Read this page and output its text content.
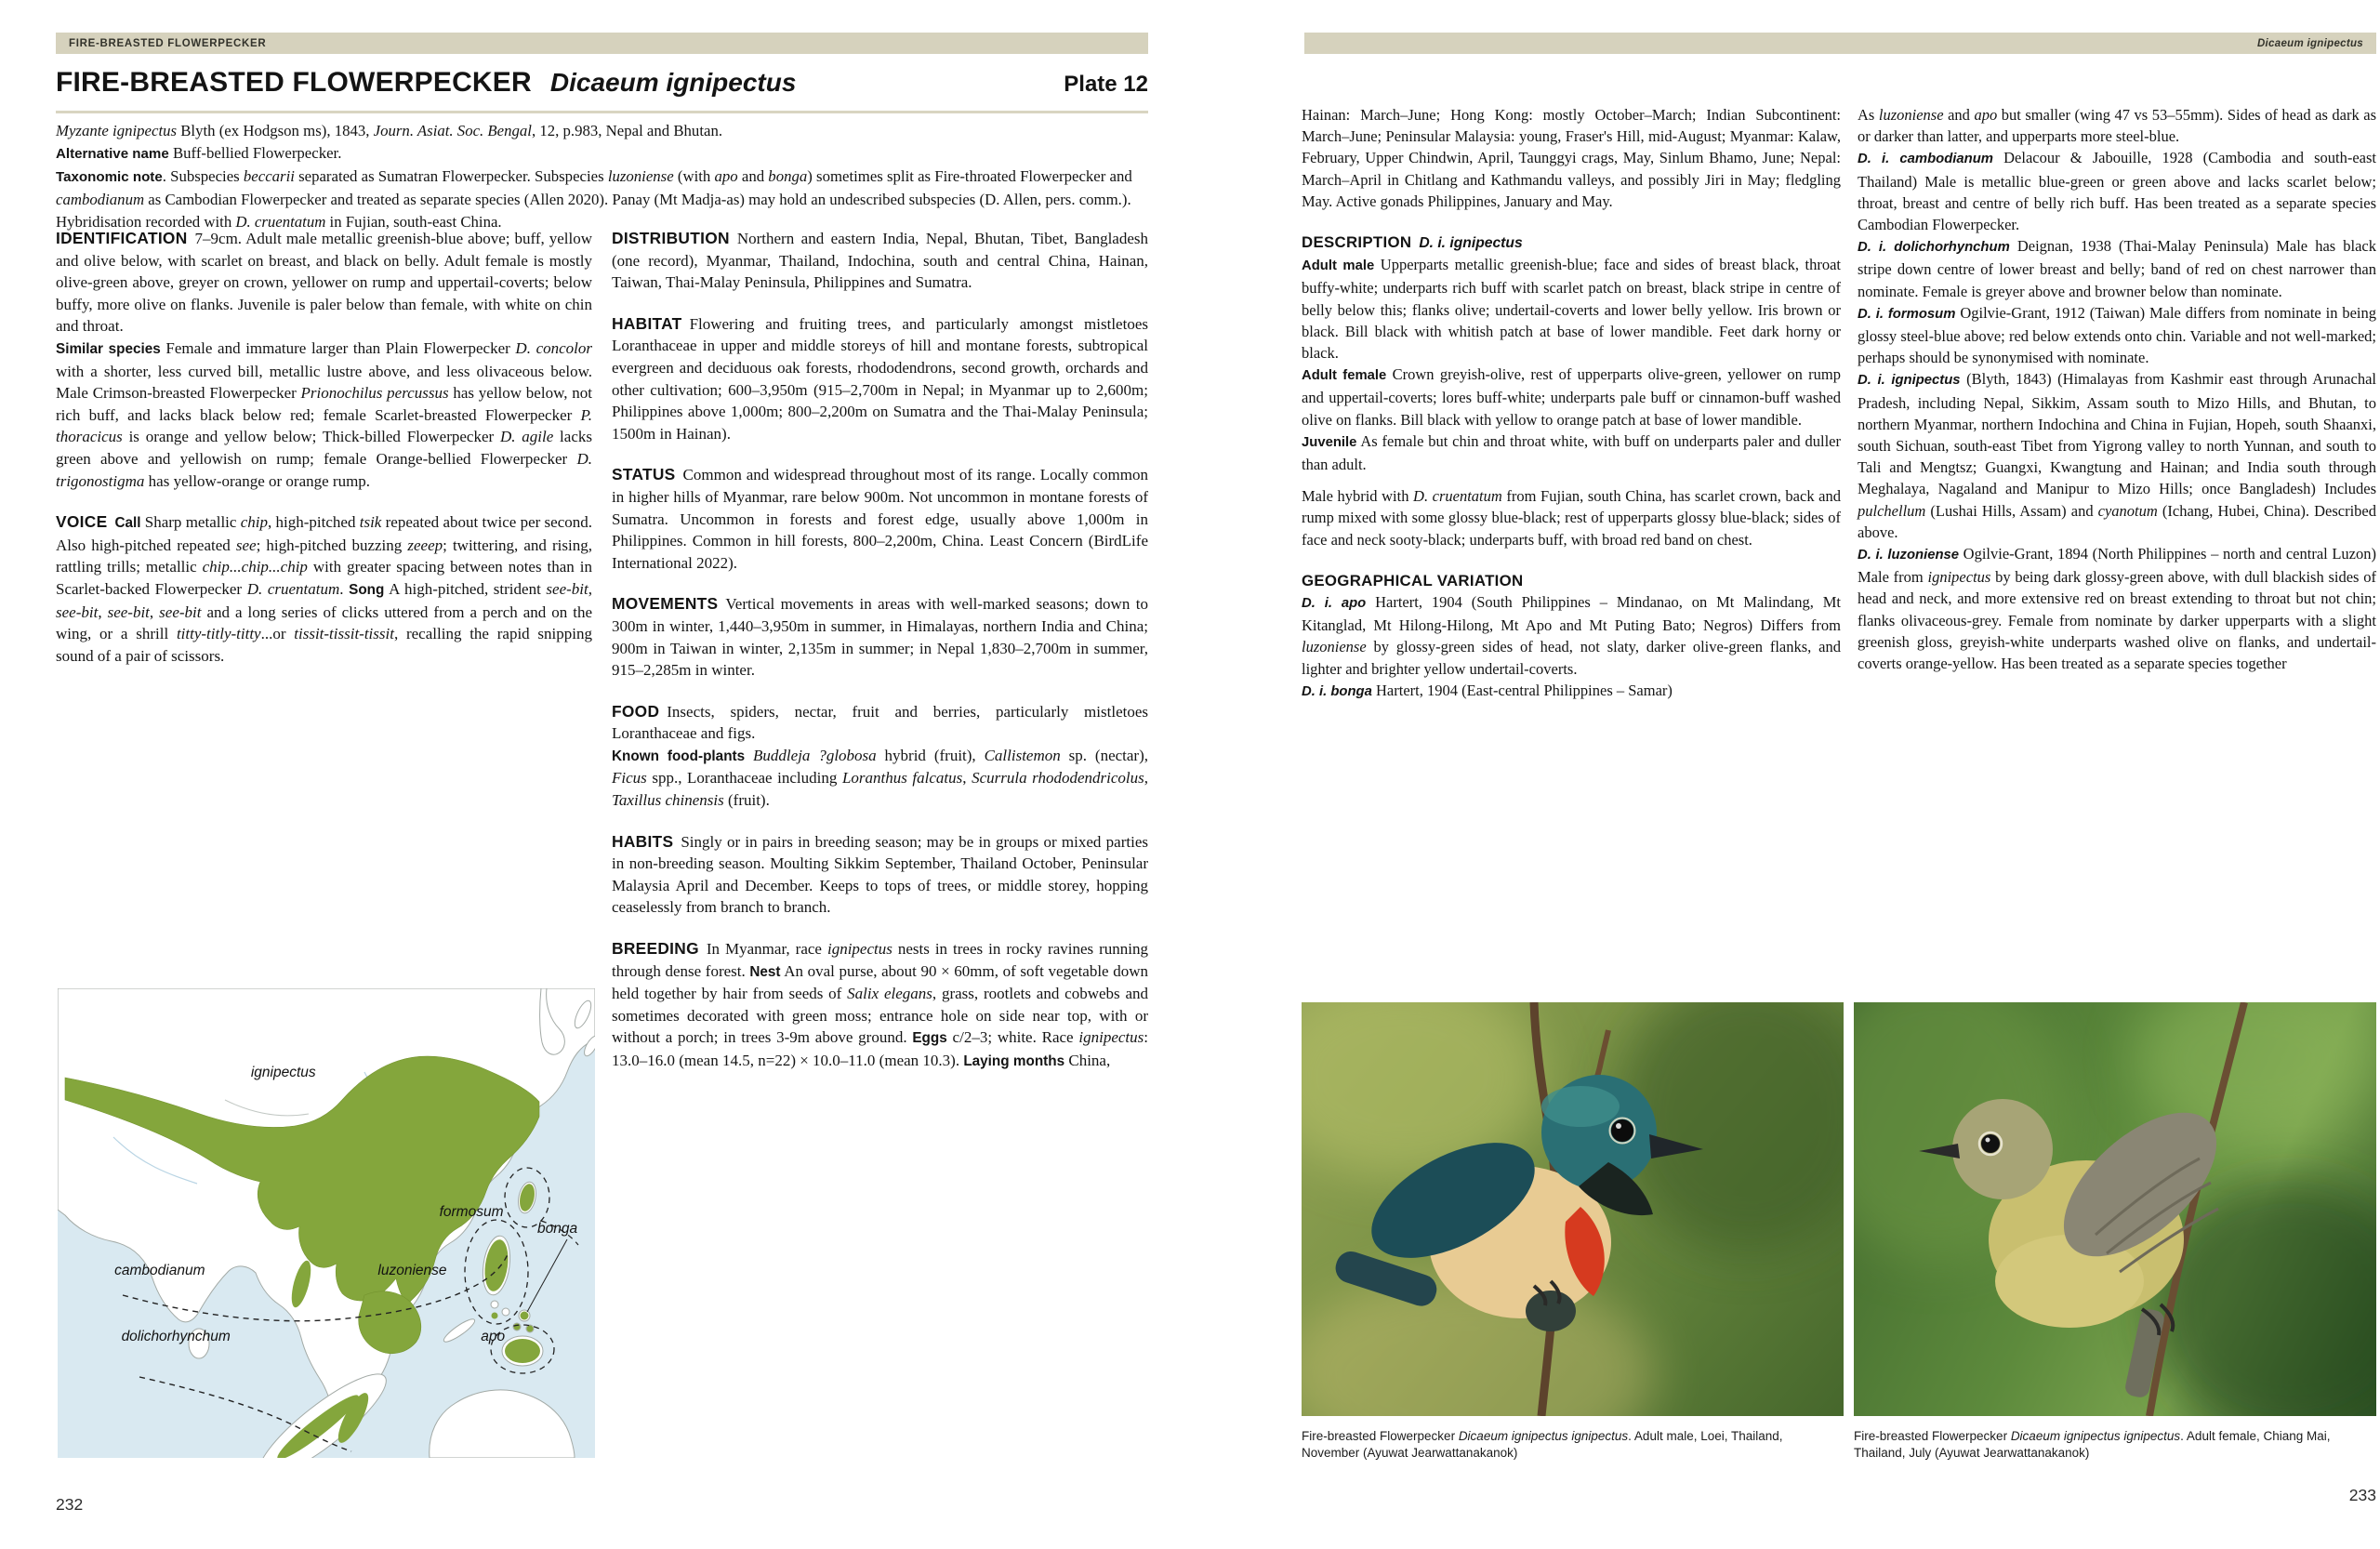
FIRE-BREASTED FLOWERPECKER
FIRE-BREASTED FLOWERPECKER Dicaeum ignipectus	Plate 12

Myzante ignipectus Blyth (ex Hodgson ms), 1843, Journ. Asiat. Soc. Bengal, 12, p.983, Nepal and Bhutan.

Alternative name Buff-bellied Flowerpecker.

Taxonomic note. Subspecies beccarii separated as Sumatran Flowerpecker. Subspecies luzoniense (with apo and bonga) sometimes split as Fire-throated Flowerpecker and cambodianum as Cambodian Flowerpecker and treated as separate species (Allen 2020). Panay (Mt Madja-as) may hold an undescribed subspecies (D. Allen, pers. comm.). Hybridisation recorded with D. cruentatum in Fujian, south-east China.

IDENTIFICATION 7–9cm. Adult male metallic greenish-blue above; buff, yellow and olive below, with scarlet on breast, and black on belly. Adult female is mostly olive-green above, greyer on crown, yellower on rump and uppertail-coverts; below buffy, more olive on flanks. Juvenile is paler below than female, with white on chin and throat.

Similar species Female and immature larger than Plain Flowerpecker D. concolor with a shorter, less curved bill, metallic lustre above, and less olivaceous below. Male Crimson-breasted Flowerpecker Prionochilus percussus has yellow below, not rich buff, and lacks black below red; female Scarlet-breasted Flowerpecker P. thoracicus is orange and yellow below; Thick-billed Flowerpecker D. agile lacks green above and yellowish on rump; female Orange-bellied Flowerpecker D. trigonostigma has yellow-orange or orange rump.

VOICE Call Sharp metallic chip, high-pitched tsik repeated about twice per second. Also high-pitched repeated see; high-pitched buzzing zeeep; twittering, and rising, rattling trills; metallic chip...chip...chip with greater spacing between notes than in Scarlet-backed Flowerpecker D. cruentatum. Song A high-pitched, strident see-bit, see-bit, see-bit, see-bit and a long series of clicks uttered from a perch and on the wing, or a shrill titty-titly-titty...or tissit-tissit-tissit, recalling the rapid snipping sound of a pair of scissors.

DISTRIBUTION Northern and eastern India, Nepal, Bhutan, Tibet, Bangladesh (one record), Myanmar, Thailand, Indochina, south and central China, Hainan, Taiwan, Thai-Malay Peninsula, Philippines and Sumatra.

HABITAT Flowering and fruiting trees, and particularly amongst mistletoes Loranthaceae in upper and middle storeys of hill and montane forests, subtropical evergreen and deciduous oak forests, rhododendrons, second growth, orchards and other cultivation; 600–3,950m (915–2,700m in Nepal; in Myanmar up to 2,600m; Philippines above 1,000m; 800–2,200m on Sumatra and the Thai-Malay Peninsula; 1500m in Hainan).

STATUS Common and widespread throughout most of its range. Locally common in higher hills of Myanmar, rare below 900m. Not uncommon in montane forests of Sumatra. Uncommon in forests and forest edge, usually above 1,000m in Philippines. Common in hill forests, 800–2,200m, China. Least Concern (BirdLife International 2022).

MOVEMENTS Vertical movements in areas with well-marked seasons; down to 300m in winter, 1,440–3,950m in summer, in Himalayas, northern India and China; 900m in Taiwan in winter, 2,135m in summer; in Nepal 1,830–2,700m in summer, 915–2,285m in winter.

FOOD Insects, spiders, nectar, fruit and berries, particularly mistletoes Loranthaceae and figs.

Known food-plants Buddleja ?globosa hybrid (fruit), Callistemon sp. (nectar), Ficus spp., Loranthaceae including Loranthus falcatus, Scurrula rhododendricolus, Taxillus chinensis (fruit).

HABITS Singly or in pairs in breeding season; may be in groups or mixed parties in non-breeding season. Moulting Sikkim September, Thailand October, Peninsular Malaysia April and December. Keeps to tops of trees, or middle storey, hopping ceaselessly from branch to branch.

BREEDING In Myanmar, race ignipectus nests in trees in rocky ravines running through dense forest. Nest An oval purse, about 90 × 60mm, of soft vegetable down held together by hair from seeds of Salix elegans, grass, rootlets and cobwebs and sometimes decorated with green moss; entrance hole on side near top, with or without a porch; in trees 3-9m above ground. Eggs c/2–3; white. Race ignipectus: 13.0–16.0 (mean 14.5, n=22) × 10.0–11.0 (mean 10.3). Laying months China,

ignipectus
formosum
bonga
cambodianum	luzoniense
dolichorhynchum	apo
232
Dicaeum ignipectus

Hainan: March–June; Hong Kong: mostly October–March; Indian Subcontinent: March–June; Peninsular Malaysia: young, Fraser's Hill, mid-August; Myanmar: Kalaw, February, Upper Chindwin, April, Taunggyi crags, May, Sinlum Bhamo, June; Nepal: March–April in Chitlang and Kathmandu valleys, and possibly Jiri in May; fledgling May. Active gonads Philippines, January and May.

DESCRIPTION D. i. ignipectus

Adult male Upperparts metallic greenish-blue; face and sides of breast black, throat buffy-white; underparts rich buff with scarlet patch on breast, black stripe in centre of belly below this; flanks olive; undertail-coverts and lower belly yellow. Iris brown or black. Bill black with whitish patch at base of lower mandible. Feet dark horny or black.

Adult female Crown greyish-olive, rest of upperparts olive-green, yellower on rump and uppertail-coverts; lores buff-white; underparts pale buff or cinnamon-buff washed olive on flanks. Bill black with yellow to orange patch at base of lower mandible.

Juvenile As female but chin and throat white, with buff on underparts paler and duller than adult.

Male hybrid with D. cruentatum from Fujian, south China, has scarlet crown, back and rump mixed with some glossy blue-black; rest of upperparts glossy blue-black; sides of face and neck sooty-black; underparts buff, with broad red band on chest.

GEOGRAPHICAL VARIATION

D. i. apo Hartert, 1904 (South Philippines – Mindanao, on Mt Malindang, Mt Kitanglad, Mt Hilong-Hilong, Mt Apo and Mt Puting Bato; Negros) Differs from luzoniense by glossy-green sides of head, not slaty, darker olive-green flanks, and lighter and brighter yellow undertail-coverts.

D. i. bonga Hartert, 1904 (East-central Philippines – Samar)

As luzoniense and apo but smaller (wing 47 vs 53–55mm). Sides of head as dark as or darker than latter, and upperparts more steel-blue.

D. i. cambodianum Delacour & Jabouille, 1928 (Cambodia and south-east Thailand) Male is metallic blue-green or green above and lacks scarlet below; throat, breast and centre of belly rich buff. Has been treated as a separate species Cambodian Flowerpecker.

D. i. dolichorhynchum Deignan, 1938 (Thai-Malay Peninsula) Male has black stripe down centre of lower breast and belly; band of red on chest narrower than nominate. Female is greyer above and browner below than nominate.

D. i. formosum Ogilvie-Grant, 1912 (Taiwan) Male differs from nominate in being glossy steel-blue above; red below extends onto chin. Variable and not well-marked; perhaps should be synonymised with nominate.

D. i. ignipectus (Blyth, 1843) (Himalayas from Kashmir east through Arunachal Pradesh, including Nepal, Sikkim, Assam south to Mizo Hills, and Bhutan, to northern Myanmar, northern Indochina and China in Fujian, Hopeh, south Shaanxi, south Sichuan, south-east Tibet from Yigrong valley to north Yunnan, and south to Tali and Mengtsz; Guangxi, Kwangtung and Hainan; and India south through Meghalaya, Nagaland and Manipur to Mizo Hills; once Bangladesh) Includes pulchellum (Lushai Hills, Assam) and cyanotum (Ichang, Hubei, China). Described above.

D. i. luzoniense Ogilvie-Grant, 1894 (North Philippines – north and central Luzon) Male from ignipectus by being dark glossy-green above, with dull blackish sides of head and neck, and more extensive red on breast extending to throat but not chin; flanks olivaceous-grey. Female from nominate by darker upperparts with a slight greenish gloss, greyish-white underparts washed olive on flanks, and undertail-coverts orange-yellow. Has been treated as a separate species together

Fire-breasted Flowerpecker Dicaeum ignipectus ignipectus. Adult male, Loei, Thailand, November (Ayuwat Jearwattanakanok)
Fire-breasted Flowerpecker Dicaeum ignipectus ignipectus. Adult female, Chiang Mai, Thailand, July (Ayuwat Jearwattanakanok)
233
